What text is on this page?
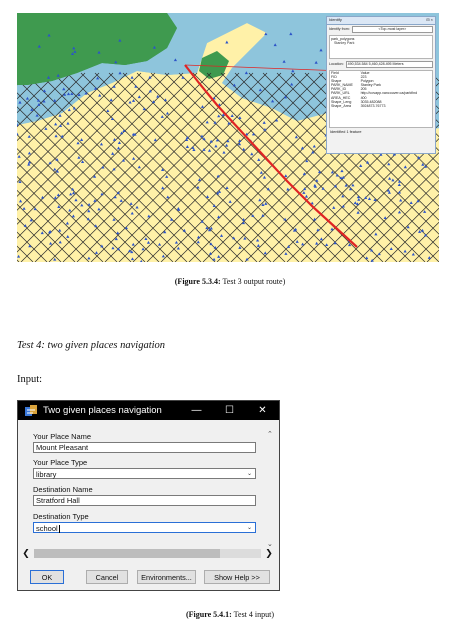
Identify	⊟ ×
Identify from:	<Top-most layer>
park_polygons
Stanley Park
Location:	490,534.584 5,460,428.495 Meters
Field	Value
FID	223
Shape	Polygon
PARK_NAME	Stanley Park
PARK_ID	205
PARK_URL	http://covapp.vancouver.ca/parkfind
AREA_HEC	400
Shape_Leng	3035.482088
Shape_Area	3924873.76773
Identified 1 feature
(Figure 5.3.4: Test 3 output route)
Test 4: two given places navigation
Input:
Two given places navigation	—	☐	✕
Your Place Name
Mount Pleasant
Your Place Type
library	⌄
Destination Name
Stratford Hall
Destination Type
school	⌄
⌃
⌄
❮	❯
OK	Cancel	Environments...	Show Help >>
(Figure 5.4.1: Test 4 input)
